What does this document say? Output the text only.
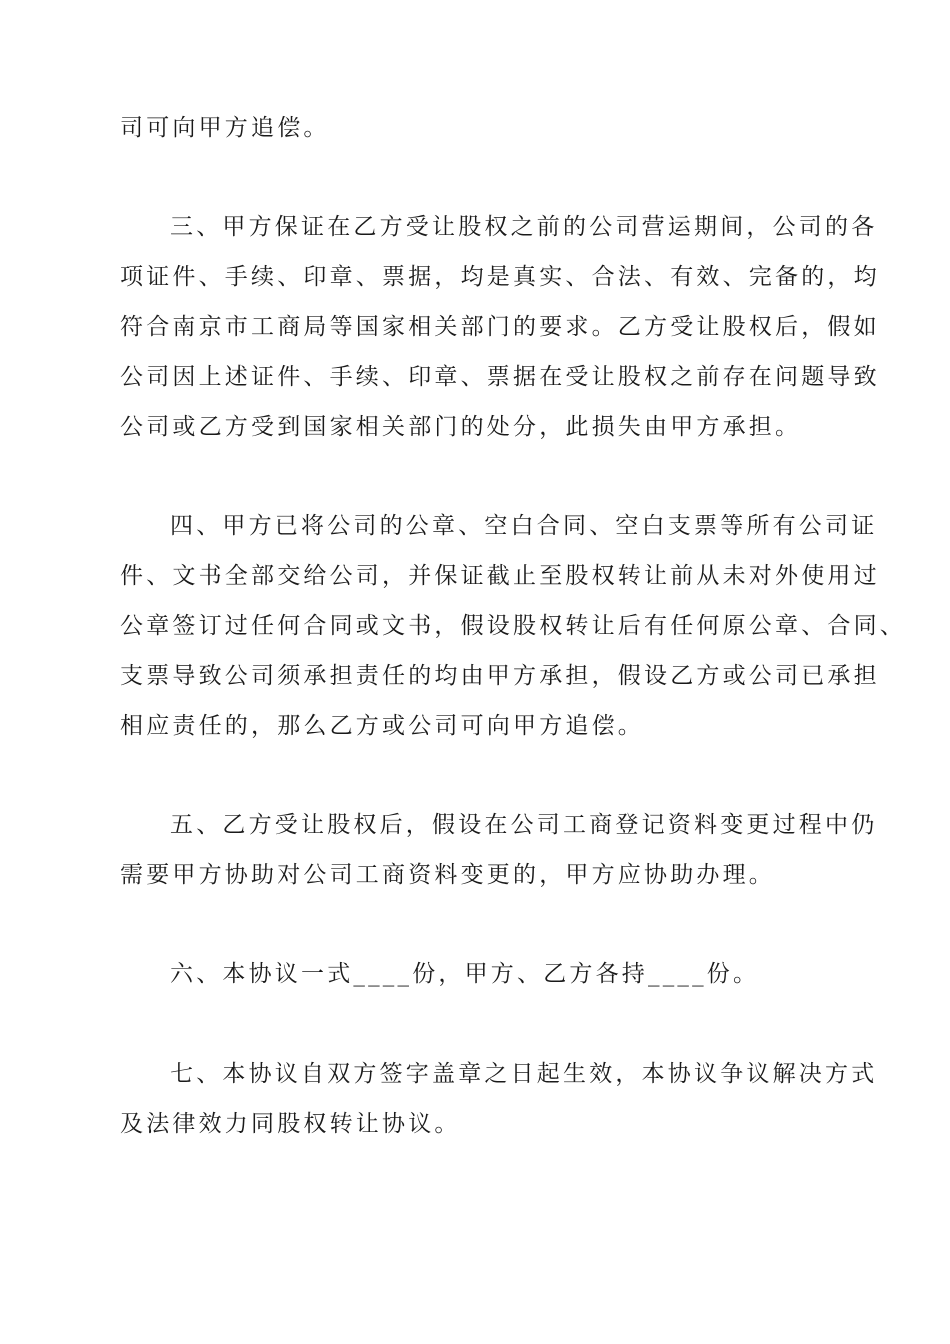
司可向甲方追偿。
三、甲方保证在乙方受让股权之前的公司营运期间，公司的各
项证件、手续、印章、票据，均是真实、合法、有效、完备的，均
符合南京市工商局等国家相关部门的要求。乙方受让股权后，假如
公司因上述证件、手续、印章、票据在受让股权之前存在问题导致
公司或乙方受到国家相关部门的处分，此损失由甲方承担。
四、甲方已将公司的公章、空白合同、空白支票等所有公司证
件、文书全部交给公司，并保证截止至股权转让前从未对外使用过
公章签订过任何合同或文书，假设股权转让后有任何原公章、合同、
支票导致公司须承担责任的均由甲方承担，假设乙方或公司已承担
相应责任的，那么乙方或公司可向甲方追偿。
五、乙方受让股权后，假设在公司工商登记资料变更过程中仍
需要甲方协助对公司工商资料变更的，甲方应协助办理。
六、本协议一式____份，甲方、乙方各持____份。
七、本协议自双方签字盖章之日起生效，本协议争议解决方式
及法律效力同股权转让协议。
